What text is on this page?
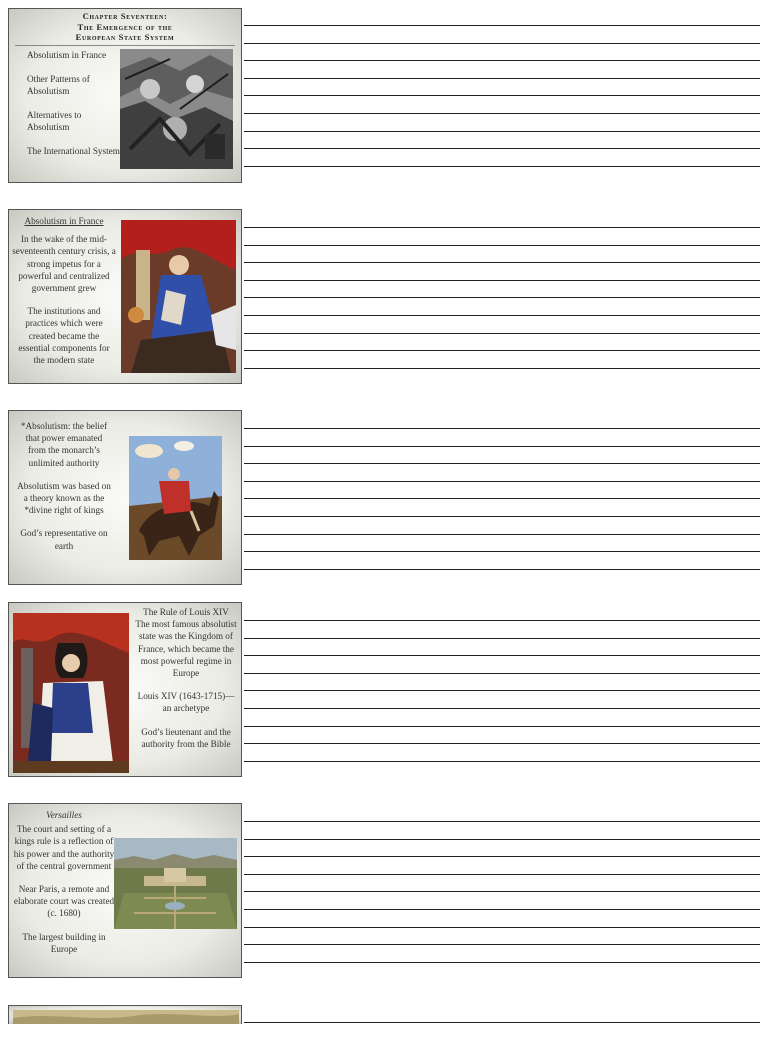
Chapter Seventeen:
The Emergence of the
European State System
Absolutism in France
Other Patterns of Absolutism
Alternatives to Absolutism
The International System

Absolutism in France

In the wake of the mid-seventeenth century crisis, a strong impetus for a powerful and centralized government grew

The institutions and practices which were created became the essential components for the modern state

*Absolutism: the belief that power emanated from the monarch’s unlimited authority

Absolutism was based on a theory known as the *divine right of kings

God’s representative on earth

The Rule of Louis XIV

The most famous absolutist state was the Kingdom of France, which became the most powerful regime in Europe

Louis XIV (1643-1715)—an archetype

God’s lieutenant and the authority from the Bible

Versailles

The court and setting of a kings rule is a reflection of his power and the authority of the central government

Near Paris, a remote and elaborate court was created (c. 1680)

The largest building in Europe
